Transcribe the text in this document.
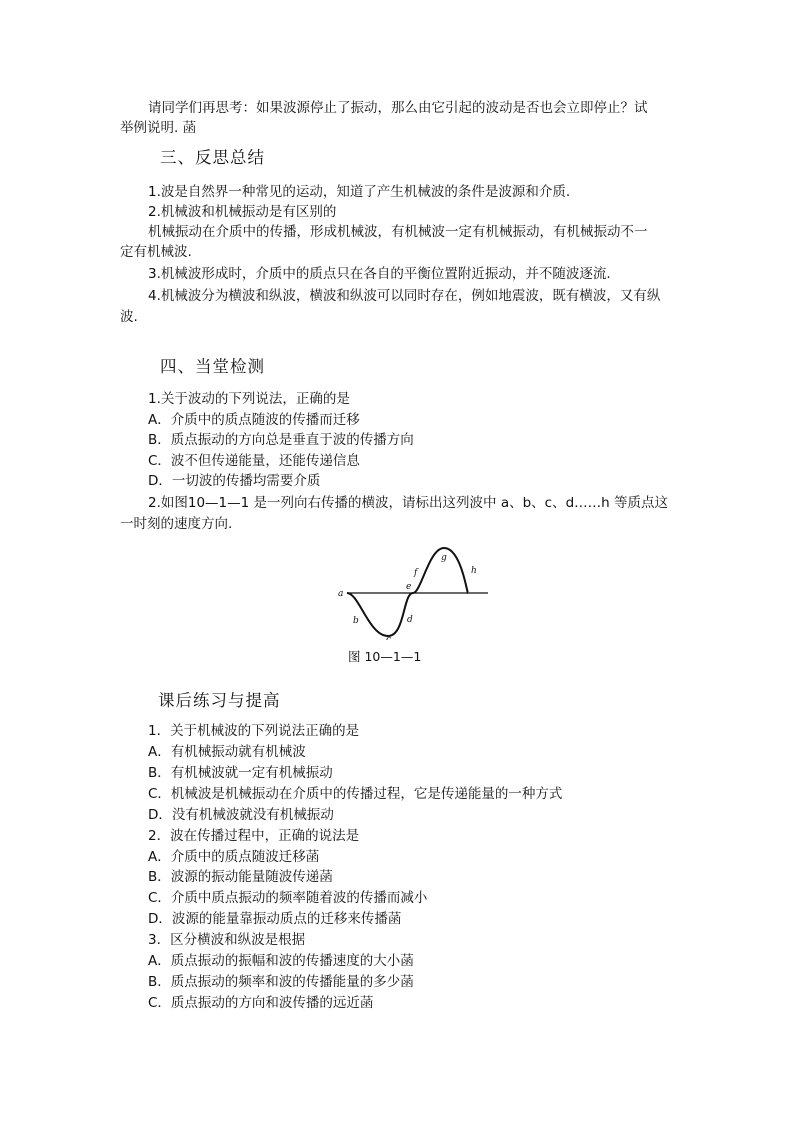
请同学们再思考：如果波源停止了振动，那么由它引起的波动是否也会立即停止？试
举例说明. 菡
三、反思总结
1.波是自然界一种常见的运动，知道了产生机械波的条件是波源和介质.
2.机械波和机械振动是有区别的
机械振动在介质中的传播，形成机械波，有机械波一定有机械振动，有机械振动不一
定有机械波.
3.机械波形成时，介质中的质点只在各自的平衡位置附近振动，并不随波逐流.
4.机械波分为横波和纵波，横波和纵波可以同时存在，例如地震波，既有横波，又有纵
波.
四、当堂检测
1.关于波动的下列说法，正确的是
A．介质中的质点随波的传播而迁移
B．质点振动的方向总是垂直于波的传播方向
C．波不但传递能量，还能传递信息
D．一切波的传播均需要介质
2.如图10—1—1 是一列向右传播的横波，请标出这列波中 a、b、c、d……h 等质点这
一时刻的速度方向.
a
b
c
d
e
f
g
h
图 10—1—1
课后练习与提高
1．关于机械波的下列说法正确的是
A．有机械振动就有机械波
B．有机械波就一定有机械振动
C．机械波是机械振动在介质中的传播过程，它是传递能量的一种方式
D．没有机械波就没有机械振动
2．波在传播过程中，正确的说法是
A．介质中的质点随波迁移菡
B．波源的振动能量随波传递菡
C．介质中质点振动的频率随着波的传播而减小
D．波源的能量靠振动质点的迁移来传播菡
3．区分横波和纵波是根据
A．质点振动的振幅和波的传播速度的大小菡
B．质点振动的频率和波的传播能量的多少菡
C．质点振动的方向和波传播的远近菡
